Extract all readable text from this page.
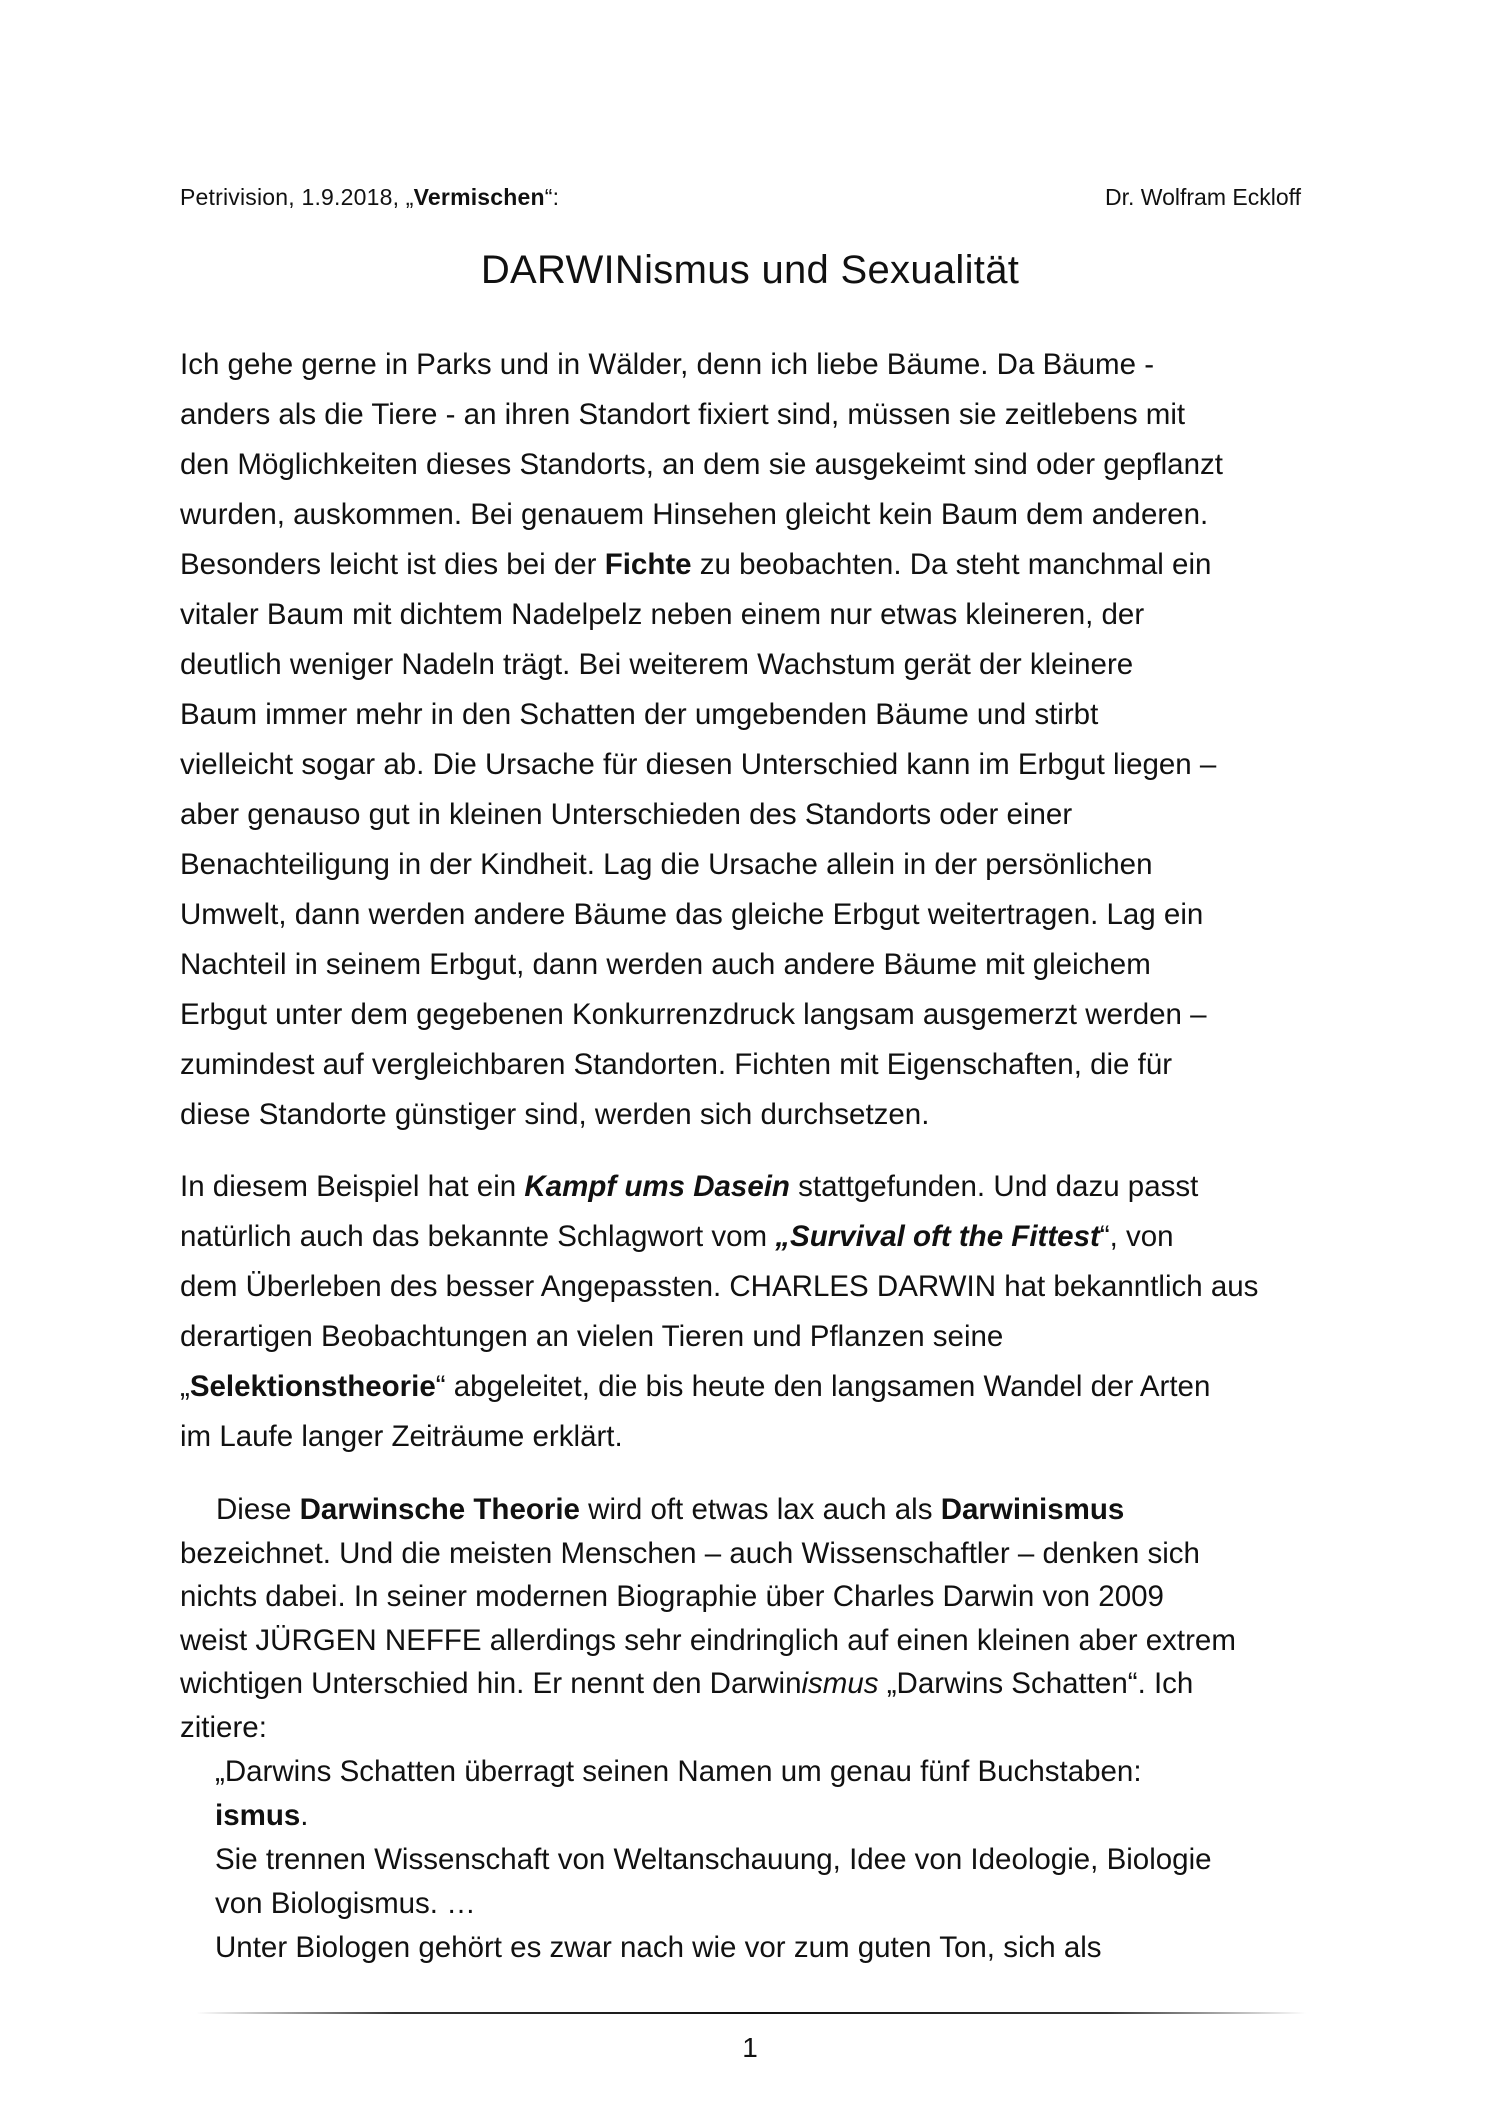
Petrivision, 1.9.2018, „Vermischen“:	Dr. Wolfram Eckloff
DARWINismus und Sexualität
Ich gehe gerne in Parks und in Wälder, denn ich liebe Bäume. Da Bäume -
anders als die Tiere - an ihren Standort fixiert sind, müssen sie zeitlebens mit
den Möglichkeiten dieses Standorts, an dem sie ausgekeimt sind oder gepflanzt
wurden, auskommen. Bei genauem Hinsehen gleicht kein Baum dem anderen.
Besonders leicht ist dies bei der Fichte zu beobachten. Da steht manchmal ein
vitaler Baum mit dichtem Nadelpelz neben einem nur etwas kleineren, der
deutlich weniger Nadeln trägt. Bei weiterem Wachstum gerät der kleinere
Baum immer mehr in den Schatten der umgebenden Bäume und stirbt
vielleicht sogar ab. Die Ursache für diesen Unterschied kann im Erbgut liegen –
aber genauso gut in kleinen Unterschieden des Standorts oder einer
Benachteiligung in der Kindheit. Lag die Ursache allein in der persönlichen
Umwelt, dann werden andere Bäume das gleiche Erbgut weitertragen. Lag ein
Nachteil in seinem Erbgut, dann werden auch andere Bäume mit gleichem
Erbgut unter dem gegebenen Konkurrenzdruck langsam ausgemerzt werden –
zumindest auf vergleichbaren Standorten. Fichten mit Eigenschaften, die für
diese Standorte günstiger sind, werden sich durchsetzen.
In diesem Beispiel hat ein Kampf ums Dasein stattgefunden. Und dazu passt
natürlich auch das bekannte Schlagwort vom „Survival oft the Fittest“, von
dem Überleben des besser Angepassten. CHARLES DARWIN hat bekanntlich aus
derartigen Beobachtungen an vielen Tieren und Pflanzen seine
„Selektionstheorie“ abgeleitet, die bis heute den langsamen Wandel der Arten
im Laufe langer Zeiträume erklärt.
Diese Darwinsche Theorie wird oft etwas lax auch als Darwinismus
bezeichnet. Und die meisten Menschen – auch Wissenschaftler – denken sich
nichts dabei. In seiner modernen Biographie über Charles Darwin von 2009
weist JÜRGEN NEFFE allerdings sehr eindringlich auf einen kleinen aber extrem
wichtigen Unterschied hin. Er nennt den Darwinismus „Darwins Schatten“. Ich
zitiere:
„Darwins Schatten überragt seinen Namen um genau fünf Buchstaben:
ismus.
Sie trennen Wissenschaft von Weltanschauung, Idee von Ideologie, Biologie
von Biologismus. …
Unter Biologen gehört es zwar nach wie vor zum guten Ton, sich als
1
